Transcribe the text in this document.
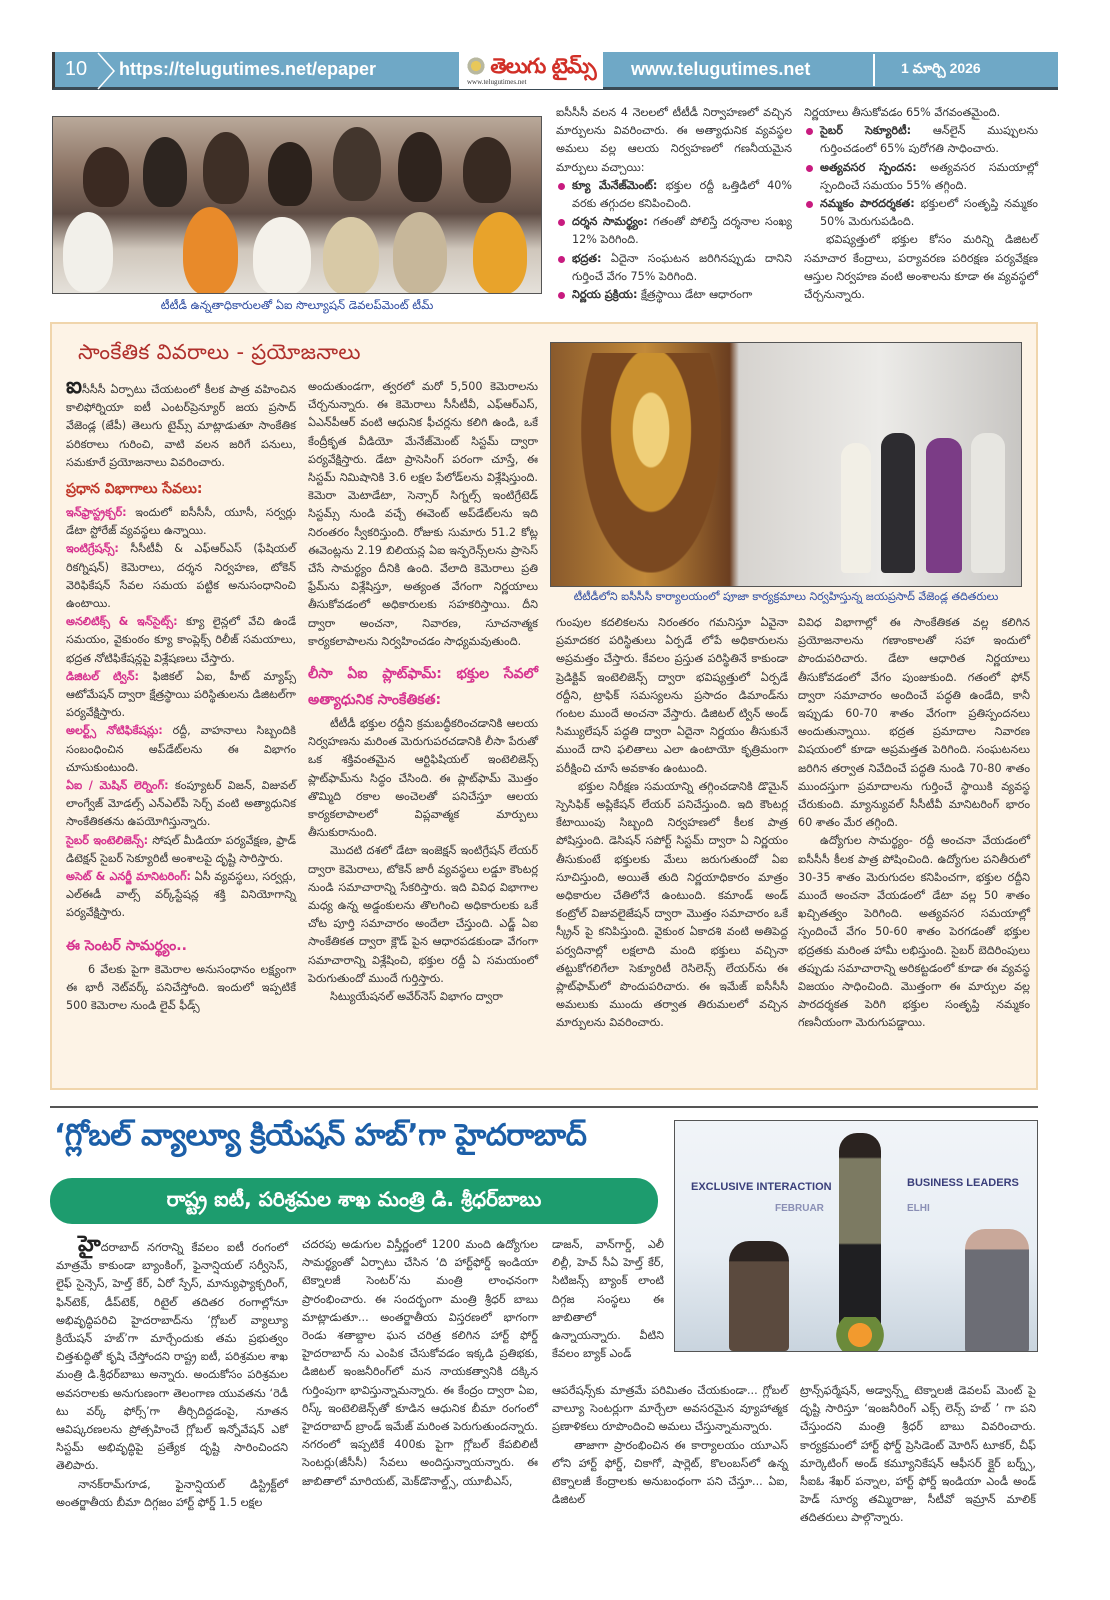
10	https://telugutimes.net/epaper	తెలుగు టైమ్స్
www.telugutimes.net
www.telugutimes.net	1 మార్చి 2026
టీటీడీ ఉన్నతాధికారులతో ఏఐ సొల్యూషన్ డెవలప్‌మెంట్ టీమ్

ఐసీసీసీ వలన 4 నెలలలో టీటీడీ నిర్వాహణలో వచ్చిన మార్పులను వివరించారు. ఈ అత్యాధునిక వ్యవస్థల అమలు వల్ల ఆలయ నిర్వహణలో గణనీయమైన మార్పులు వచ్చాయి:

క్యూ మేనేజ్‌మెంట్: భక్తుల రద్దీ ఒత్తిడిలో 40% వరకు తగ్గుదల కనిపించింది.

దర్శన సామర్థ్యం: గతంతో పోలిస్తే దర్శనాల సంఖ్య 12% పెరిగింది.

భద్రత: ఏదైనా సంఘటన జరిగినప్పుడు దానిని గుర్తించే వేగం 75% పెరిగింది.

నిర్ణయ ప్రక్రియ: క్షేత్రస్థాయి డేటా ఆధారంగా

నిర్ణయాలు తీసుకోవడం 65% వేగవంతమైంది.

సైబర్ సెక్యూరిటీ: ఆన్‌లైన్ ముప్పులను గుర్తించడంలో 65% పురోగతి సాధించారు.

అత్యవసర స్పందన: అత్యవసర సమయాల్లో స్పందించే సమయం 55% తగ్గింది.

నమ్మకం పారదర్శకత: భక్తులలో సంతృప్తి నమ్మకం 50% మెరుగుపడింది.

భవిష్యత్తులో భక్తుల కోసం మరిన్ని డిజిటల్ సమాచార కేంద్రాలు, పర్యావరణ పరిరక్షణ పర్యవేక్షణ ఆస్తుల నిర్వహణ వంటి అంశాలను కూడా ఈ వ్యవస్థలో చేర్చనున్నారు.

సాంకేతిక వివరాలు - ప్రయోజనాలు

ఐసీసీసీ ఏర్పాటు చేయటంలో కీలక పాత్ర వహించిన కాలిఫోర్నియా ఐటీ ఎంటర్‌ప్రెన్యూర్ జయ ప్రసాద్ వేజెండ్ల (జేపీ) తెలుగు టైమ్స్ మాట్లాడుతూ సాంకేతిక పరికరాలు గురించి, వాటి వలన జరిగే పనులు, సమకూరే ప్రయోజనాలు వివరించారు.

ప్రధాన విభాగాలు సేవలు:

ఇన్‌ఫ్రాస్ట్రక్చర్: ఇందులో ఐసీసీసీ, యూసీ, సర్వర్లు డేటా స్టోరేజ్ వ్యవస్థలు ఉన్నాయి.

ఇంటిగ్రేషన్స్: సీసీటీవీ & ఎఫ్ఆర్ఎస్ (ఫేషియల్ రికగ్నిషన్) కెమెరాలు, దర్శన నిర్వహణ, టోకెన్ వెరిఫికేషన్ సేవల సమయ పట్టిక అనుసంధానించి ఉంటాయి.

అనలిటిక్స్ & ఇన్‌సైట్స్: క్యూ లైన్లలో వేచి ఉండే సమయం, వైకుంఠం క్యూ కాంప్లెక్స్ రిలీజ్ సమయాలు, భద్రత నోటిఫికేషన్లపై విశ్లేషణలు చేస్తారు.

డిజిటల్ ట్విన్: ఫిజికల్ ఏఐ, హీట్ మ్యాప్స్ ఆటోమేషన్ ద్వారా క్షేత్రస్థాయి పరిస్థితులను డిజిటల్‌గా పర్యవేక్షిస్తారు.

అలర్ట్స్ నోటిఫికేషన్లు: రద్దీ, వాహనాలు సిబ్బందికి సంబంధించిన అప్‌డేట్‌లను ఈ విభాగం చూసుకుంటుంది.

ఏఐ / మెషిన్ లెర్నింగ్: కంప్యూటర్ విజన్, విజువల్ లాంగ్వేజ్ మోడల్స్ ఎన్ఎల్‌పీ సెర్చ్ వంటి అత్యాధునిక సాంకేతికతను ఉపయోగిస్తున్నారు.

సైబర్ ఇంటెలిజెన్స్: సోషల్ మీడియా పర్యవేక్షణ, ఫ్రాడ్ డిటెక్షన్ సైబర్ సెక్యూరిటీ అంశాలపై దృష్టి సారిస్తారు.

అసెట్ & ఎనర్జీ మానిటరింగ్: ఏసీ వ్యవస్థలు, సర్వర్లు, ఎల్ఈడీ వాల్స్ వర్క్‌స్టేషన్ల శక్తి వినియోగాన్ని పర్యవేక్షిస్తారు.

ఈ సెంటర్ సామర్థ్యం..

6 వేలకు పైగా కెమెరాల అనుసంధానం లక్ష్యంగా ఈ భారీ నెట్‌వర్క్ పనిచేస్తోంది. ఇందులో ఇప్పటికే 500 కెమెరాల నుండి లైవ్ ఫీడ్స్

అందుతుండగా, త్వరలో మరో 5,500 కెమెరాలను చేర్చనున్నారు. ఈ కెమెరాలు సీసీటీవీ, ఎఫ్ఆర్ఎస్, ఏఎన్‌పీఆర్ వంటి ఆధునిక ఫీచర్లను కలిగి ఉండి, ఒకే కేంద్రీకృత వీడియో మేనేజ్‌మెంట్ సిస్టమ్ ద్వారా పర్యవేక్షిస్తారు. డేటా ప్రాసెసింగ్ పరంగా చూస్తే, ఈ సిస్టమ్ నిమిషానికి 3.6 లక్షల పేలోడ్‌లను విశ్లేషిస్తుంది. కెమెరా మెటాడేటా, సెన్సార్ సిగ్నల్స్ ఇంటిగ్రేటెడ్ సిస్టమ్స్ నుండి వచ్చే ఈవెంట్ అప్‌డేట్‌లను ఇది నిరంతరం స్వీకరిస్తుంది. రోజుకు సుమారు 51.2 కోట్ల ఈవెంట్లను 2.19 బిలియన్ల ఏఐ ఇన్ఫరెన్స్‌లను ప్రాసెస్ చేసే సామర్థ్యం దీనికి ఉంది. వేలాది కెమెరాలు ప్రతి ఫ్రేమ్‌ను విశ్లేషిస్తూ, అత్యంత వేగంగా నిర్ణయాలు తీసుకోవడంలో అధికారులకు సహకరిస్తాయి. దీని ద్వారా అంచనా, నివారణ, సూచనాత్మక కార్యకలాపాలను నిర్వహించడం సాధ్యమవుతుంది.

లీసా ఏఐ ప్లాట్‌ఫామ్: భక్తుల సేవలో అత్యాధునిక సాంకేతికత:

టీటీడీ భక్తుల రద్దీని క్రమబద్ధీకరించడానికి ఆలయ నిర్వహణను మరింత మెరుగుపరచడానికి లీసా పేరుతో ఒక శక్తివంతమైన ఆర్టిఫిషియల్ ఇంటెలిజెన్స్ ప్లాట్‌ఫామ్‌ను సిద్ధం చేసింది. ఈ ప్లాట్‌ఫామ్ మొత్తం తొమ్మిది రకాల అంచెలతో పనిచేస్తూ ఆలయ కార్యకలాపాలలో విప్లవాత్మక మార్పులు తీసుకురానుంది.

మొదటి దశలో డేటా ఇంజెక్షన్ ఇంటిగ్రేషన్ లేయర్ ద్వారా కెమెరాలు, టోకెన్ జారీ వ్యవస్థలు లడ్డూ కౌంటర్ల నుండి సమాచారాన్ని సేకరిస్తారు. ఇది వివిధ విభాగాల మధ్య ఉన్న అడ్డంకులను తొలగించి అధికారులకు ఒకే చోట పూర్తి సమాచారం అందేలా చేస్తుంది. ఎడ్జ్ ఏఐ సాంకేతికత ద్వారా క్లౌడ్ పైన ఆధారపడకుండా వేగంగా సమాచారాన్ని విశ్లేషించి, భక్తుల రద్దీ ఏ సమయంలో పెరుగుతుందో ముందే గుర్తిస్తారు.

సిట్యుయేషనల్ అవేర్‌నెస్ విభాగం ద్వారా

టీటీడీలోని ఐసీసీసీ కార్యాలయంలో పూజా కార్యక్రమాలు నిర్వహిస్తున్న జయప్రసాద్ వేజెండ్ల తదితరులు

గుంపుల కదలికలను నిరంతరం గమనిస్తూ ఏవైనా ప్రమాదకర పరిస్థితులు ఏర్పడే లోపే అధికారులను అప్రమత్తం చేస్తారు. కేవలం ప్రస్తుత పరిస్థితినే కాకుండా ప్రెడిక్టివ్ ఇంటెలిజెన్స్ ద్వారా భవిష్యత్తులో ఏర్పడే రద్దీని, ట్రాఫిక్ సమస్యలను ప్రసాదం డిమాండ్‌ను గంటల ముందే అంచనా వేస్తారు. డిజిటల్ ట్విన్ అండ్ సిమ్యులేషన్ పద్ధతి ద్వారా ఏదైనా నిర్ణయం తీసుకునే ముందే దాని ఫలితాలు ఎలా ఉంటాయో కృత్రిమంగా పరీక్షించి చూసే అవకాశం ఉంటుంది.

భక్తుల నిరీక్షణ సమయాన్ని తగ్గించడానికి డొమైన్ స్పెసిఫిక్ అప్లికేషన్ లేయర్ పనిచేస్తుంది. ఇది కౌంటర్ల కేటాయింపు సిబ్బంది నిర్వహణలో కీలక పాత్ర పోషిస్తుంది. డెసిషన్ సపోర్ట్ సిస్టమ్ ద్వారా ఏ నిర్ణయం తీసుకుంటే భక్తులకు మేలు జరుగుతుందో ఏఐ సూచిస్తుంది, అయితే తుది నిర్ణయాధికారం మాత్రం అధికారుల చేతిలోనే ఉంటుంది. కమాండ్ అండ్ కంట్రోల్ విజువలైజేషన్ ద్వారా మొత్తం సమాచారం ఒకే స్క్రీన్ పై కనిపిస్తుంది. వైకుంఠ ఏకాదశి వంటి అతిపెద్ద పర్వదినాల్లో లక్షలాది మంది భక్తులు వచ్చినా తట్టుకోగలిగేలా సెక్యూరిటీ రెసిలెన్స్ లేయర్‌ను ఈ ప్లాట్‌ఫామ్‌లో పొందుపరిచారు. ఈ ఇమేజ్ ఐసీసీసీ అమలుకు ముందు తర్వాత తిరుమలలో వచ్చిన మార్పులను వివరించారు.

వివిధ విభాగాల్లో ఈ సాంకేతికత వల్ల కలిగిన ప్రయోజనాలను గణాంకాలతో సహా ఇందులో పొందుపరిచారు. డేటా ఆధారిత నిర్ణయాలు తీసుకోవడంలో వేగం పుంజుకుంది. గతంలో ఫోన్ ద్వారా సమాచారం అందించే పద్ధతి ఉండేది, కానీ ఇప్పుడు 60-70 శాతం వేగంగా ప్రతిస్పందనలు అందుతున్నాయి. భద్రత ప్రమాదాల నివారణ విషయంలో కూడా అప్రమత్తత పెరిగింది. సంఘటనలు జరిగిన తర్వాత నివేదించే పద్ధతి నుండి 70-80 శాతం ముందస్తుగా ప్రమాదాలను గుర్తించే స్థాయికి వ్యవస్థ చేరుకుంది. మ్యాన్యువల్ సీసీటీవీ మానిటరింగ్ భారం 60 శాతం మేర తగ్గింది.

ఉద్యోగుల సామర్థ్యం- రద్దీ అంచనా వేయడంలో ఐసీసీసీ కీలక పాత్ర పోషించింది. ఉద్యోగుల పనితీరులో 30-35 శాతం మెరుగుదల కనిపించగా, భక్తుల రద్దీని ముందే అంచనా వేయడంలో డేటా వల్ల 50 శాతం ఖచ్చితత్వం పెరిగింది. అత్యవసర సమయాల్లో స్పందించే వేగం 50-60 శాతం పెరగడంతో భక్తుల భద్రతకు మరింత హామీ లభిస్తుంది. సైబర్ బెదిరింపులు తప్పుడు సమాచారాన్ని అరికట్టడంలో కూడా ఈ వ్యవస్థ విజయం సాధించింది. మొత్తంగా ఈ మార్పుల వల్ల పారదర్శకత పెరిగి భక్తుల సంతృప్తి నమ్మకం గణనీయంగా మెరుగుపడ్డాయి.

‘గ్లోబల్ వ్యాల్యూ క్రియేషన్ హబ్’గా హైదరాబాద్
రాష్ట్ర ఐటీ, పరిశ్రమల శాఖ మంత్రి డి. శ్రీధర్‌బాబు	EXCLUSIVE INTERACTION	BUSINESS LEADERS
FEBRUAR	ELHI

హైదరాబాద్ నగరాన్ని కేవలం ఐటీ రంగంలో మాత్రమే కాకుండా బ్యాంకింగ్, ఫైనాన్షియల్ సర్వీసెస్, లైఫ్ సైన్సెస్, హెల్త్ కేర్, ఏరో స్పేస్, మాన్యుఫ్యాక్చరింగ్, ఫిన్‌టెక్, డీప్‌టెక్, రిటైల్ తదితర రంగాల్లోనూ అభివృద్ధిపరిచి హైదరాబాద్‌ను ‘గ్లోబల్ వ్యాల్యూ క్రియేషన్ హబ్’గా మార్చేందుకు తమ ప్రభుత్వం చిత్తశుద్ధితో కృషి చేస్తోందని రాష్ట్ర ఐటీ, పరిశ్రమల శాఖ మంత్రి డి.శ్రీధర్‌బాబు అన్నారు. అందుకోసం పరిశ్రమల అవసరాలకు అనుగుణంగా తెలంగాణ యువతను ‘రెడీ టు వర్క్ ఫోర్స్’గా తీర్చిదిద్దడంపై, నూతన ఆవిష్కరణలను ప్రోత్సహించే గ్లోబల్ ఇన్నోవేషన్ ఎకో సిస్టమ్ అభివృద్ధిపై ప్రత్యేక దృష్టి సారించిందని తెలిపారు.

నానక్‌రామ్‌గూడ, ఫైనాన్షియల్ డిస్ట్రిక్ట్‌లో అంతర్జాతీయ బీమా దిగ్గజం హార్ట్ ఫోర్డ్ 1.5 లక్షల

చదరపు అడుగుల విస్తీర్ణంలో 1200 మంది ఉద్యోగుల సామర్థ్యంతో ఏర్పాటు చేసిన ‘ది హార్ట్‌ఫోర్డ్ ఇండియా టెక్నాలజీ సెంటర్’ను మంత్రి లాంఛనంగా ప్రారంభించారు. ఈ సందర్భంగా మంత్రి శ్రీధర్ బాబు మాట్లాడుతూ... అంతర్జాతీయ విస్తరణలో భాగంగా రెండు శతాబ్దాల ఘన చరిత్ర కలిగిన హార్ట్ ఫోర్డ్ హైదరాబాద్ ను ఎంపిక చేసుకోవడం ఇక్కడి ప్రతిభకు, డిజిటల్ ఇంజనీరింగ్‌లో మన నాయకత్వానికి దక్కిన గుర్తింపుగా భావిస్తున్నామన్నారు. ఈ కేంద్రం ద్వారా ఏఐ, రిస్క్ ఇంటెలిజెన్స్‌తో కూడిన ఆధునిక బీమా రంగంలో హైదరాబాద్ బ్రాండ్ ఇమేజ్ మరింత పెరుగుతుందన్నారు. నగరంలో ఇప్పటికే 400కు పైగా గ్లోబల్ కేపబిలిటీ సెంటర్లు(జీసీసీ) సేవలు అందిస్తున్నాయన్నారు. ఈ జాబితాలో మారియట్, మెక్‌డొనాల్డ్స్, యూబీఎస్,

డాజన్, వాన్‌గార్డ్, ఎలీ లిల్లీ, హెచ్ సీఏ హెల్త్ కేర్, సిటిజన్స్ బ్యాంక్ లాంటి దిగ్గజ సంస్థలు ఈ జాబితాలో ఉన్నాయన్నారు. వీటిని కేవలం బ్యాక్ ఎండ్

ఆపరేషన్స్‌కు మాత్రమే పరిమితం చేయకుండా... గ్లోబల్ వాల్యూ సెంటర్లుగా మార్చేలా అవసరమైన వ్యూహాత్మక ప్రణాళికలు రూపొందించి అమలు చేస్తున్నామన్నారు.

తాజాగా ప్రారంభించిన ఈ కార్యాలయం యూఎస్ లోని హార్ట్ ఫోర్డ్, చికాగో, షార్లెట్, కొలంబస్‌లో ఉన్న టెక్నాలజీ కేంద్రాలకు అనుబంధంగా పని చేస్తూ... ఏఐ, డిజిటల్

ట్రాన్స్‌ఫర్మేషన్, అడ్వాన్స్డ్ టెక్నాలజీ డెవలప్ మెంట్ పై దృష్టి సారిస్తూ ‘ఇంజనీరింగ్ ఎక్స్ లెన్స్ హబ్ ’ గా పని చేస్తుందని మంత్రి శ్రీధర్ బాబు వివరించారు. కార్యక్రమంలో హార్ట్ ఫోర్డ్ ప్రెసిడెంట్ మోరిస్ టూకర్, చీఫ్ మార్కెటింగ్ అండ్ కమ్యూనికేషన్ ఆఫీసర్ క్లైర్ బర్న్స్, సీఐఓ శేఖర్ పన్నాల, హార్ట్ ఫోర్డ్ ఇండియా ఎండీ అండ్ హెడ్ సూర్య తమ్మిరాజు, సీటీవో ఇమ్రాన్ మాలిక్ తదితరులు పాల్గొన్నారు.
